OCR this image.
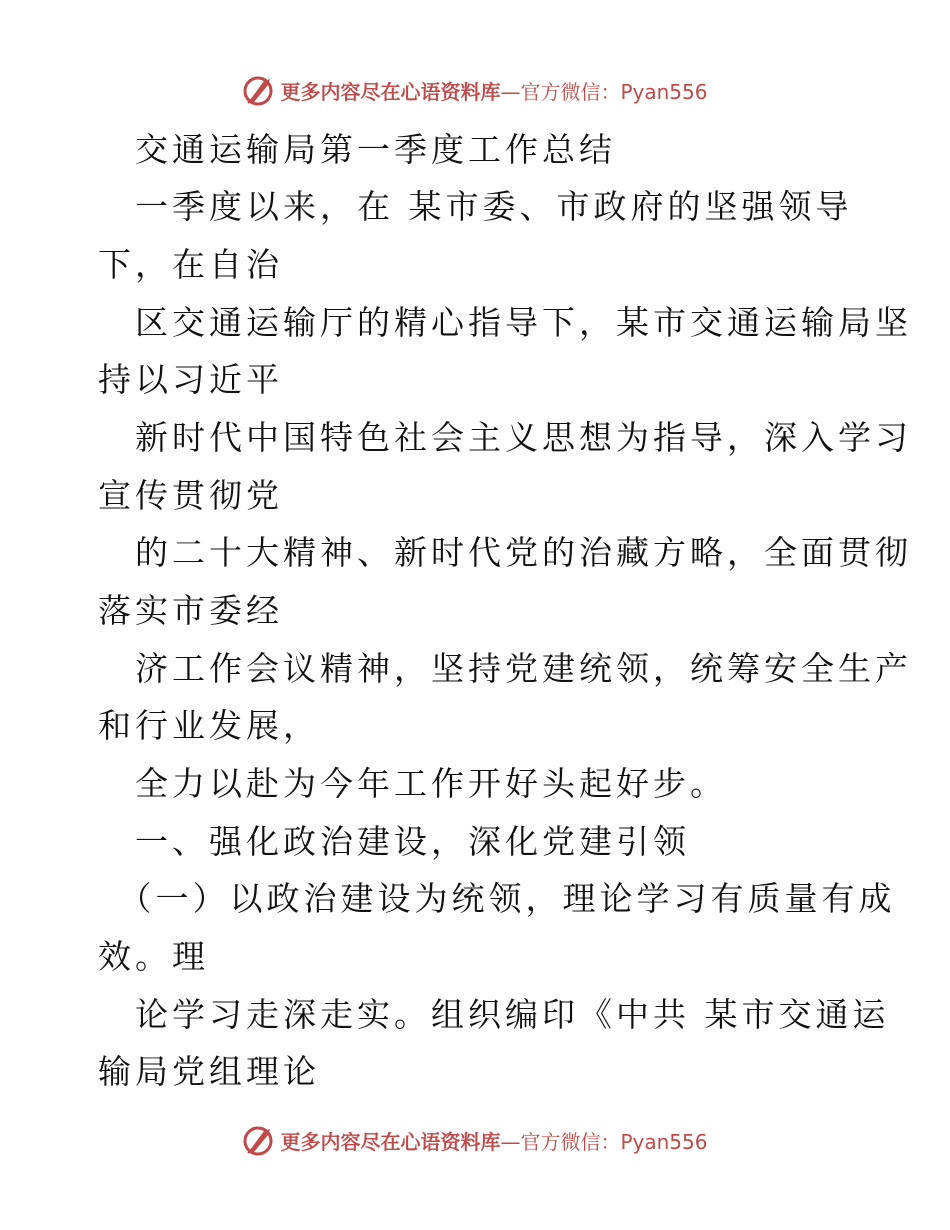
更多内容尽在心语资料库—官方微信：Pyan556
　交通运输局第一季度工作总结
　一季度以来，在 某市委、市政府的坚强领导
下，在自治
　区交通运输厅的精心指导下，某市交通运输局坚
持以习近平
　新时代中国特色社会主义思想为指导，深入学习
宣传贯彻党
　的二十大精神、新时代党的治藏方略，全面贯彻
落实市委经
　济工作会议精神，坚持党建统领，统筹安全生产
和行业发展，
　全力以赴为今年工作开好头起好步。
　一、强化政治建设，深化党建引领
　（一）以政治建设为统领，理论学习有质量有成
效。理
　论学习走深走实。组织编印《中共 某市交通运
输局党组理论
更多内容尽在心语资料库—官方微信：Pyan556
